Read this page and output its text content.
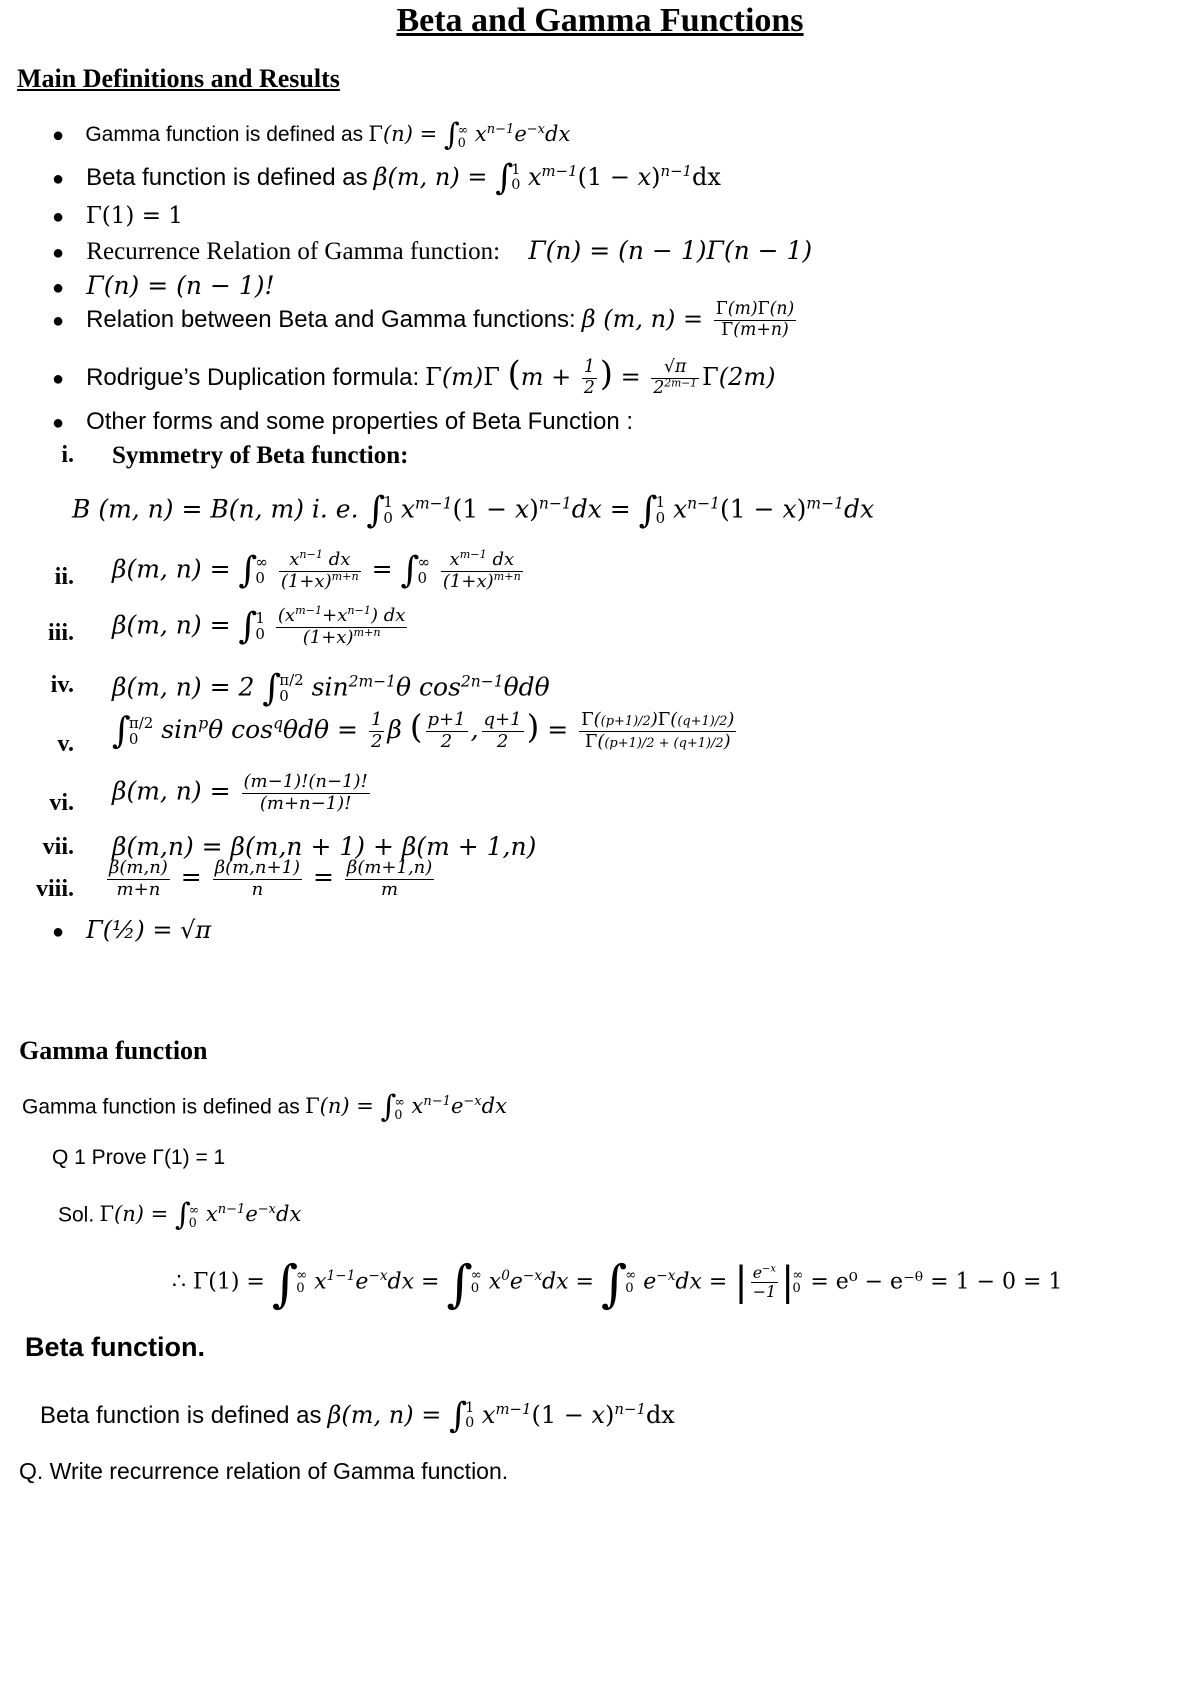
Beta and Gamma Functions
Main Definitions and Results
● Gamma function is defined as Γ(n) = ∫
∞
0 $x^{n-1}e^{-x}dx$
● Beta function is defined as β(m, n) = ∫
1
0 $x^{m-1}(1 - x)^{n-1}dx$
● Γ(1) = 1
● Recurrence Relation of Gamma function: Γ(n) = (n − 1)Γ(n − 1)
● Γ(n) = (n − 1)!
● Relation between Beta and Gamma functions: β (m, $n) = \frac{\Gamma(m)\Gamma(n)}{\Gamma(m+n)}$
● Rodrigue’s Duplication formula: Γ(m)Γ ($m + \frac{1}{2}$ ) = $\frac{√\pi}{2^{2m-1}} \Gamma(2m)$
● Other forms and some properties of Beta Function :
i. Symmetry of Beta function:
B (m, n) = B(n, m) i. e. ∫
1
0 $x^{m-1}(1 - x)^{n-1}dx$ = ∫
1
0 $x^{n-1}(1 - x)^{m-1}dx$
ii. β(m, n) = ∫
∞
0
$\frac{x^{n-1} dx}{(1+x)^{m+n}}$ = ∫
∞
0
$\frac{x^{m-1} dx}{(1+x)^{m+n}}$
iii. β(m, n) = ∫
1
0
$\frac{(x^{m-1}+x^{n-1}) dx}{(1+x)^{m+n}}$
iv. β(m, n) = 2 ∫
π/2
0 $\sin^{2m-1}\theta$ $\cos^{2n-1}\theta d\theta$
v. ∫
π/2
0 $\sin^p\theta$ $\cos^q\theta d\theta = \frac{1}{2}$ β ( $\frac{p+1}{2}$ , $\frac{q+1}{2}$ ) = $\frac{\Gamma((p+1)/2)\Gamma((q+1)/2)}{\Gamma((p+1)/2 + (q+1)/2)}$
vi. β(m, $n) = \frac{(m-1)!(n-1)!}{(m+n-1)!}$
vii. β(m,n) = β(m,n + 1) + β(m + 1,n)
viii. $\frac{\beta(m,n)}{m+n} = \frac{\beta(m,n+1)}{n} = \frac{\beta(m+1,n)}{m}$
● Γ(½) = √π
Gamma function
Gamma function is defined as Γ(n) = ∫
∞
0 $x^{n-1}e^{-x}dx$
Q 1 Prove Γ(1) = 1
Sol. Γ(n) = ∫
∞
0 $x^{n-1}e^{-x}dx$
∴ Γ(1) = ∫
∞
0 $x^{1-1}e^{-x}dx$ = ∫
∞
0 $x^0e^{-x}dx$ = ∫
∞
0 $e^{-x}dx$ = | $\frac{e^{-x}}{-1}$ |
∞
0 = e⁰ − e⁻ᶿ = 1 − 0 = 1
Beta function.
Beta function is defined as β(m, n) = ∫
1
0 $x^{m-1}(1 - x)^{n-1}dx$
Q. Write recurrence relation of Gamma function.
